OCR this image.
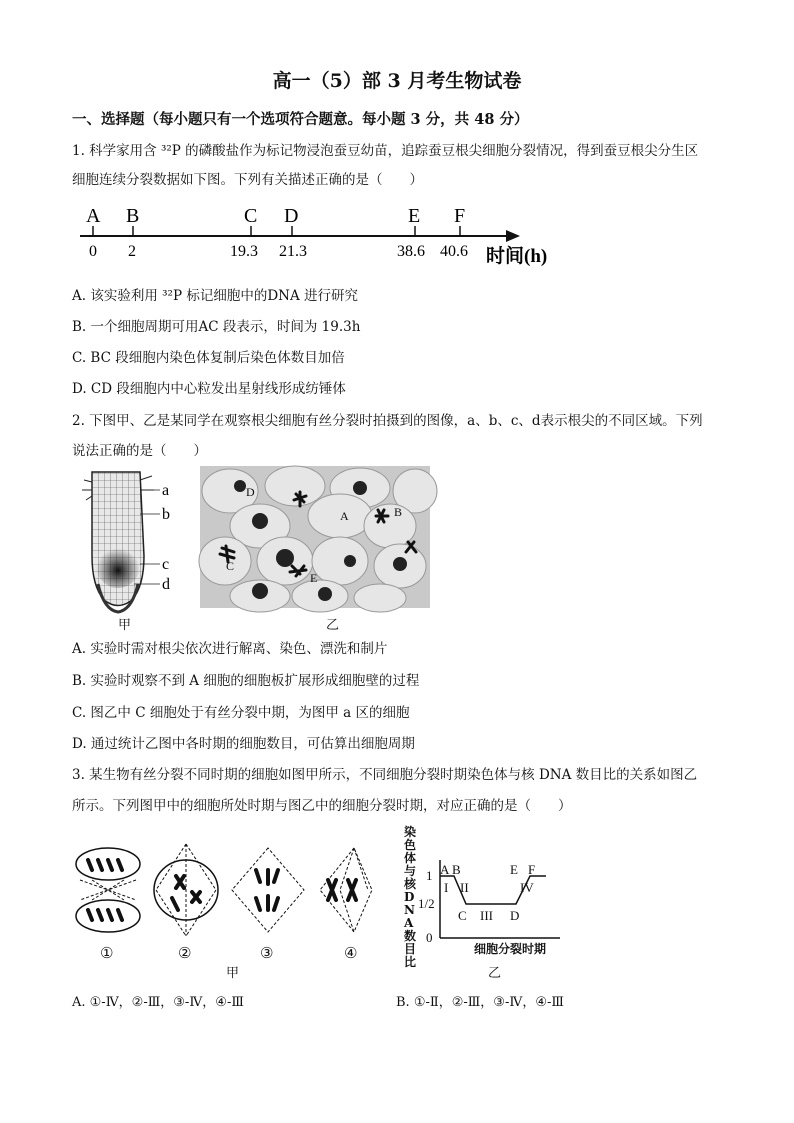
高一（5）部 3 月考生物试卷
一、选择题（每小题只有一个选项符合题意。每小题 3 分，共 48 分）
1. 科学家用含 ³²P 的磷酸盐作为标记物浸泡蚕豆幼苗，追踪蚕豆根尖细胞分裂情况，得到蚕豆根尖分生区
细胞连续分裂数据如下图。下列有关描述正确的是（　　）
A
0
B
2
C
19.3
D
21.3
E
38.6
F
40.6 时间(h)
A. 该实验利用 ³²P 标记细胞中的DNA 进行研究
B. 一个细胞周期可用AC 段表示，时间为 19.3h
C. BC 段细胞内染色体复制后染色体数目加倍
D. CD 段细胞内中心粒发出星射线形成纺锤体
2. 下图甲、乙是某同学在观察根尖细胞有丝分裂时拍摄到的图像，a、b、c、d表示根尖的不同区域。下列
说法正确的是（　　）
a
b
c
d
甲
D
A	B
C
E
乙
A. 实验时需对根尖依次进行解离、染色、漂洗和制片
B. 实验时观察不到 A 细胞的细胞板扩展形成细胞壁的过程
C. 图乙中 C 细胞处于有丝分裂中期，为图甲 a 区的细胞
D. 通过统计乙图中各时期的细胞数目，可估算出细胞周期
3. 某生物有丝分裂不同时期的细胞如图甲所示，不同细胞分裂时期染色体与核 DNA 数目比的关系如图乙
所示。下列图甲中的细胞所处时期与图乙中的细胞分裂时期，对应正确的是（　　）
①	②	③	④
甲
染色体与核DNA数目比
1
1/2
0
A B
C	D
E F
I II
III
IV
细胞分裂时期
乙
A. ①-Ⅳ，②-Ⅲ，③-Ⅳ，④-Ⅲ	B. ①-Ⅱ，②-Ⅲ，③-Ⅳ，④-Ⅲ
